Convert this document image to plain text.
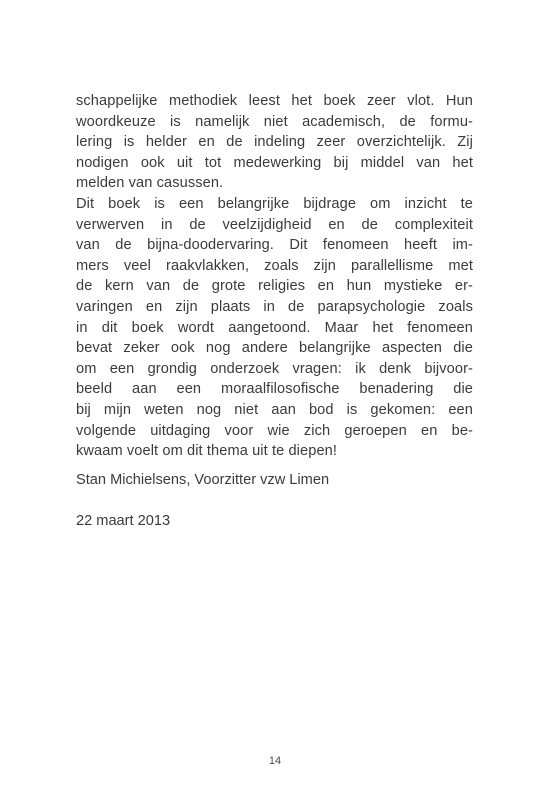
schappelijke methodiek leest het boek zeer vlot. Hun
woordkeuze is namelijk niet academisch, de formu-
lering is helder en de indeling zeer overzichtelijk. Zij
nodigen ook uit tot medewerking bij middel van het
melden van casussen.
Dit boek is een belangrijke bijdrage om inzicht te
verwerven in de veelzijdigheid en de complexiteit
van de bijna-doodervaring. Dit fenomeen heeft im-
mers veel raakvlakken, zoals zijn parallellisme met
de kern van de grote religies en hun mystieke er-
varingen en zijn plaats in de parapsychologie zoals
in dit boek wordt aangetoond. Maar het fenomeen
bevat zeker ook nog andere belangrijke aspecten die
om een grondig onderzoek vragen: ik denk bijvoor-
beeld aan een moraalfilosofische benadering die
bij mijn weten nog niet aan bod is gekomen: een
volgende uitdaging voor wie zich geroepen en be-
kwaam voelt om dit thema uit te diepen!
Stan Michielsens, Voorzitter vzw Limen
22 maart 2013
14
